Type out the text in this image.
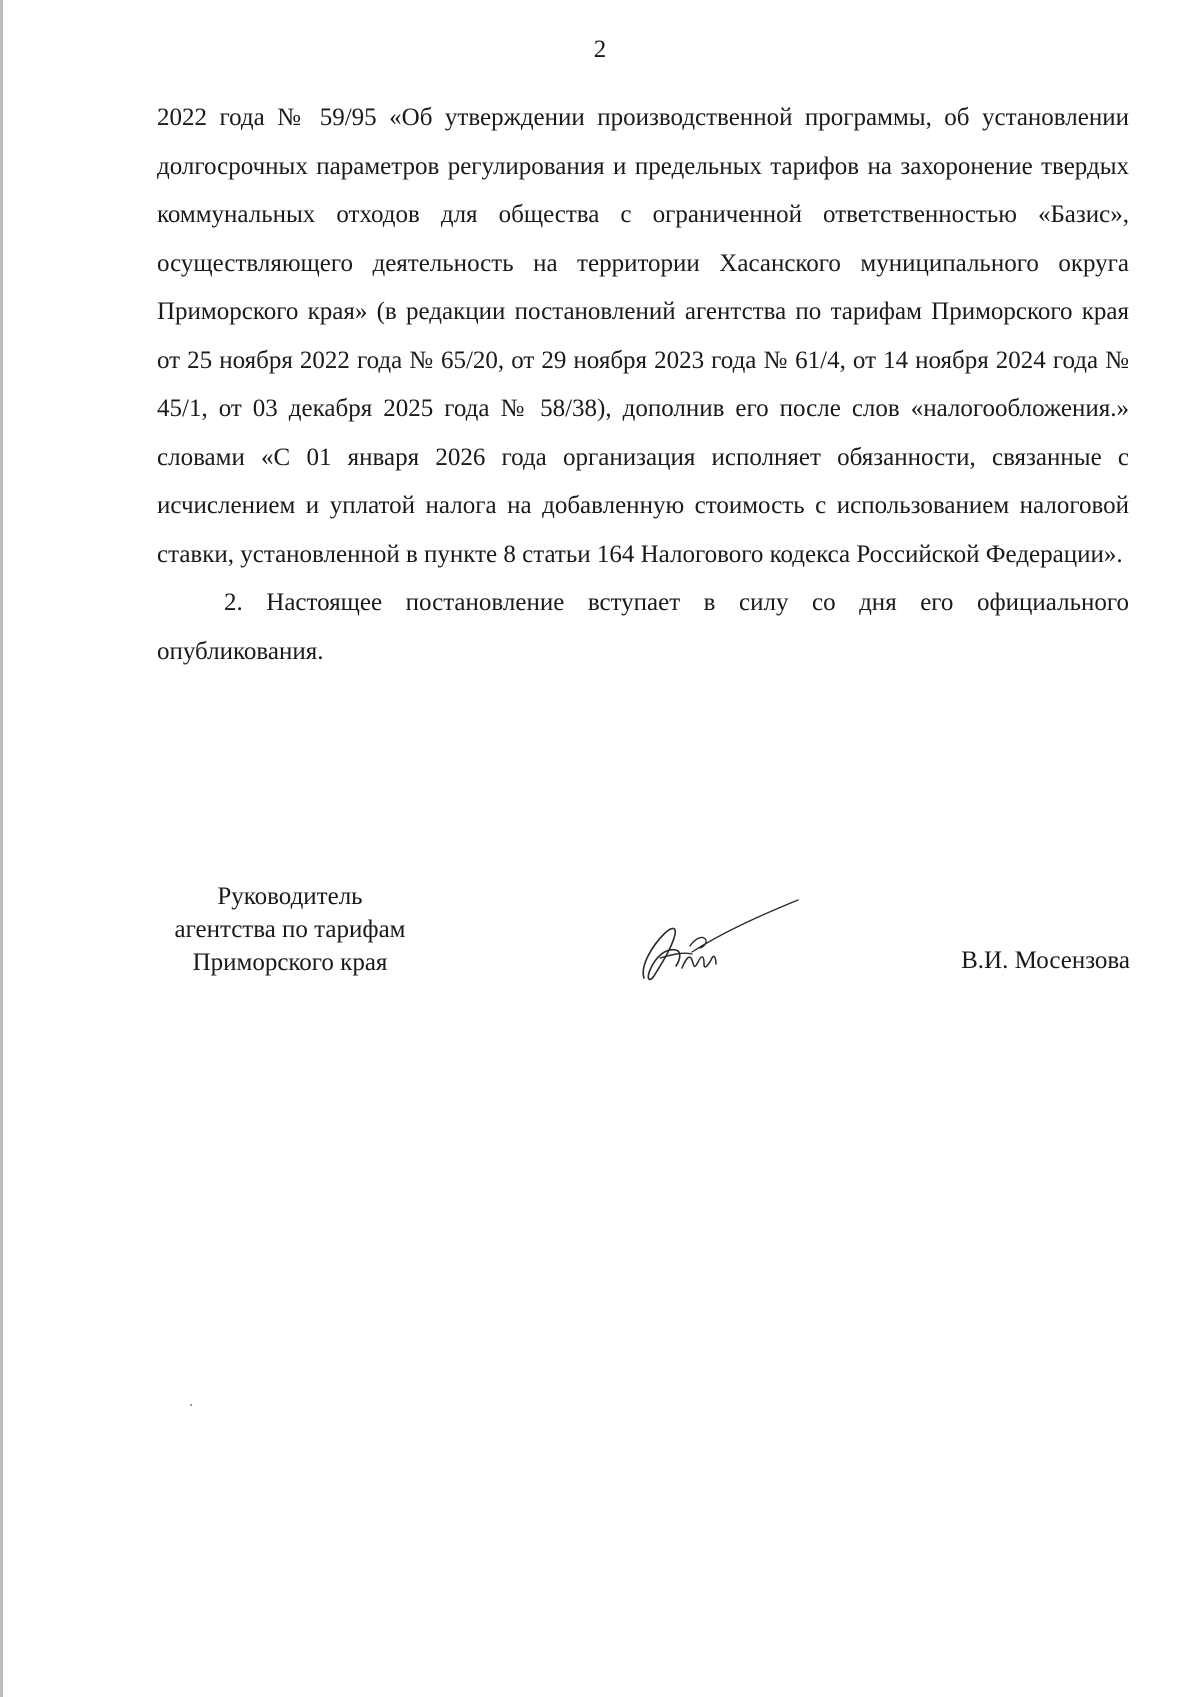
2

2022 года № 59/95 «Об утверждении производственной программы, об установлении долгосрочных параметров регулирования и предельных тарифов на захоронение твердых коммунальных отходов для общества с ограниченной ответственностью «Базис», осуществляющего деятельность на территории Хасанского муниципального округа Приморского края» (в редакции постановлений агентства по тарифам Приморского края от 25 ноября 2022 года № 65/20, от 29 ноября 2023 года № 61/4, от 14 ноября 2024 года № 45/1, от 03 декабря 2025 года № 58/38), дополнив его после слов «налогообложения.» словами «С 01 января 2026 года организация исполняет обязанности, связанные с исчислением и уплатой налога на добавленную стоимость с использованием налоговой ставки, установленной в пункте 8 статьи 164 Налогового кодекса Российской Федерации».

2. Настоящее постановление вступает в силу со дня его официального опубликования.

Руководитель
агентства по тарифам
Приморского края	В.И. Мосензова
